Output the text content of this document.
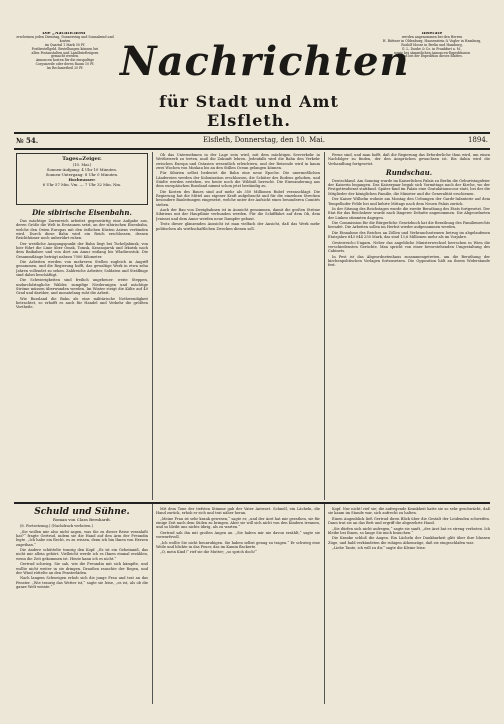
Die „Nachrichten“

erscheinen jeden Dienstag, Donnerstag und Sonnabend und kosten

im Quartal 1 Mark 50 Pf.

Postbestellgeld. Bestellungen können bei

allen Postanstalten und Landbriefträgern

gemacht werden.

Annoncen kosten für die einspaltige

Corpuszeile oder deren Raum 10 Pf.

Im Reclametheil 20 Pf. Nachrichten
für Stadt und Amt Elsfleth.

Inserate

werden angenommen bei den Herren

H. Büttner in Oldenburg, Haasenstein & Vogler in Hamburg,

Rudolf Mosse in Berlin und Hamburg,

G. L. Daube & Co. in Frankfurt a. M.,

sowie bei sämmtlichen Annoncen-Expeditionen

und bei der Expedition dieses Blattes.

№ 54.	Elsfleth, Donnerstag, den 10. Mai.	1894.
Tages=Zeiger.
(10. Mai.)
Sonnen-Aufgang: 4 Uhr 10 Minuten.
Sonnen-Untergang: 8 Uhr 0 Minuten.
Hochwasser:
6 Uhr 57 Min. Vm. — 7 Uhr 32 Min. Nm.
Die sibirische Eisenbahn.

Das mächtige Zarenreich arbeitet gegenwärtig eine Aufgabe aus, deren Größe die Welt in Erstaunen setzt, an der sibirischen Eisenbahn, welche den Osten Europas mit den östlichen Küsten Asiens verbinden wird. Durch diese Bahn wird ein Reich erschlossen, dessen Reichthümer noch unberührt ruhen.

Der westliche Ausgangspunkt der Bahn liegt bei Tscheljabinsk; von hier führt die Linie über Omsk, Tomsk, Krasnojarsk und Irkutsk nach dem Baikalsee und von dort am Amur entlang bis Wladiwostok. Die Gesammtlänge beträgt nahezu 7000 Kilometer.

Die Arbeiten werden von mehreren Stellen zugleich in Angriff genommen, und die Regierung hofft, das gewaltige Werk in etwa zehn Jahren vollendet zu sehen. Zahlreiche Arbeiter, Soldaten und Sträflinge sind dabei beschäftigt.

Die Schwierigkeiten sind freilich ungeheuer: weite Steppen, undurchdringliche Wälder, sumpfige Niederungen und mächtige Ströme müssen überwunden werden. Im Winter steigt die Kälte auf 40 Grad und darüber, und monatelang ruht die Arbeit.

Wie Russland die Bahn als eine militärische Nothwendigkeit betrachtet, so erhofft es auch für Handel und Verkehr die größten Vortheile.

Ob das Unternehmen in der Lage sein wird, mit dem mächtigen Seeverkehr in Wettbewerb zu treten, muß die Zukunft lehren. Jedenfalls wird die Bahn den Verkehr zwischen Europa und Ostasien wesentlich erleichtern, und der Reisende wird in kaum zwei Wochen von Moskau bis an den Stillen Ocean gelangen können.

Für Sibirien selbst bedeutet die Bahn eine neue Epoche. Die unermeßlichen Ländereien werden der Kolonisation erschlossen, die Schätze des Bodens gehoben, und Städte werden erstehen, wo heute noch die Wildniß herrscht. Die Einwanderung aus dem europäischen Russland nimmt schon jetzt beständig zu.

Die Kosten des Baues sind auf mehr als 350 Millionen Rubel veranschlagt. Die Regierung hat die Mittel aus eigener Kraft aufgebracht und für die einzelnen Strecken besondere Bauleitungen eingesetzt, welche unter der Aufsicht eines besonderen Comités stehen.

Auch der Bau von Zweigbahnen ist in Aussicht genommen, damit die großen Ströme Sibiriens mit der Hauptlinie verbunden werden. Für die Schifffahrt auf dem Ob, dem Jenissei und dem Amur werden neue Dampfer gebaut.

Trotz dieser glänzenden Aussicht ist man vielfach der Ansicht, daß das Werk mehr politischen als wirthschaftlichen Zwecken dienen soll.

Ferne sind, und man hofft, daß die Regierung das Erforderliche thun wird, um einen Nachfolger zu finden, der den Ansprüchen gewachsen ist. Bis dahin wird die Verhandlung fortgesetzt.

Rundschau.

Deutschland. Am Sonntag wurde im Kaiserlichen Palais zu Berlin die Geburtstagsfeier der Kaiserin begangen. Das Kaiserpaar begab sich Vormittags nach der Kirche, wo der Festgottesdienst stattfand. Später fand im Palais eine Gratulationscour statt, bei der die Mitglieder der königlichen Familie, die Minister und die Generalität erschienen.

Der Kaiser Wilhelm wohnte am Montag den Uebungen der Garde-Infanterie auf dem Tempelhofer Felde bei und kehrte Mittags nach dem Neuen Palais zurück.

In der Sitzung des Reichstages wurde die zweite Berathung des Etats fortgesetzt. Der Etat für das Reichsheer wurde nach längerer Debatte angenommen. Die Abgeordneten der Linken stimmten dagegen.

Die Commission für die Bürgerliche Gesetzbuch hat die Berathung des Familienrechts beendet. Die Arbeiten sollen im Herbst wieder aufgenommen werden.

Die Einnahme des Reiches an Zöllen und Verbrauchssteuern betrug im abgelaufenen Etatsjahre 643 044 250 Mark, das sind 13,6 Millionen mehr als im Vorjahre.

Oesterreich=Ungarn. Neber das angebliche Ministerwechsel herrschen in Wien die verschiedensten Gerüchte. Man spricht von einer bevorstehenden Umgestaltung des Cabinets.

In Pest ist das Abgeordnetenhaus zusammengetreten, um die Berathung der kirchenpolitischen Vorlagen fortzusetzen. Die Opposition hält an ihrem Widerstande fest.

Schuld und Sühne.
Roman von Clara Bernhardt.

(8. Fortsetzung.) (Nachdruck verboten.)

„Sie wollen mir also nicht sagen, was Sie zu dieser Reise veranlaßt hat?“ fragte Gertrud, indem sie die Hand auf den Arm der Freundin legte. „Ich habe ein Recht, es zu wissen, denn ich bin Ihnen von Herzen zugethan.“

Die Andere schüttelte traurig den Kopf. „Es ist ein Geheimniß, das nicht mir allein gehört. Vielleicht werde ich es Ihnen einmal erzählen, wenn die Zeit gekommen ist. Heute kann ich es nicht.“

Gertrud schwieg. Sie sah, wie die Freundin mit sich kämpfte, und wollte nicht weiter in sie dringen. Draußen rauschte der Regen, und der Wind rüttelte an den Fensterläden.

Nach langem Schweigen erhob sich die junge Frau und trat an das Fenster. „Wie traurig das Wetter ist,“ sagte sie leise, „es ist, als ob die ganze Welt weinte.“

Mit dem Tone der tiefsten Stimme gab der Vater Antwort. Schnell, ein Lächeln, die Hand zurück, erhob er sich und trat näher heran.

„Meine Frau ist sehr krank gewesen,“ sagte er, „und der Arzt hat mir gerathen, sie für einige Zeit nach dem Süden zu bringen. Aber sie will sich nicht von den Kindern trennen, und so bleibt uns nichts übrig, als zu warten.“

Gertrud sah ihn mit großen Augen an. „Sie haben mir nie davon erzählt,“ sagte sie vorwurfsvoll.

„Ich wollte Sie nicht beunruhigen. Sie haben selbst genug zu tragen.“ Er schwieg eine Weile und blickte in das Feuer, das im Kamin flackerte.

„O, mein Kind!“ rief sie die Mutter; „so sprich doch!“

Kopf. Nur nicht! rief sie; die aufregende Krankheit hatte sie so sehr geschwächt, daß sie kaum im Stande war, sich aufrecht zu halten.

Einen Augenblick ließ Gertrud ihren Blick über die Gestalt der Leidenden schweifen. Dann trat sie an das Bett und ergriff die abgezehrte Hand.

„Sie dürfen sich nicht aufregen,“ sagte sie sanft, „der Arzt hat es streng verboten. Ich bleibe bei Ihnen, so lange Sie mich brauchen.“

Die Kranke schloß die Augen. Ein Lächeln der Dankbarkeit glitt über ihre blassen Züge, und bald verkündeten die ruhigen Athemzüge, daß sie eingeschlafen war.

„Liebe Tante, ich will zu dir,“ sagte die Kleine leise.
